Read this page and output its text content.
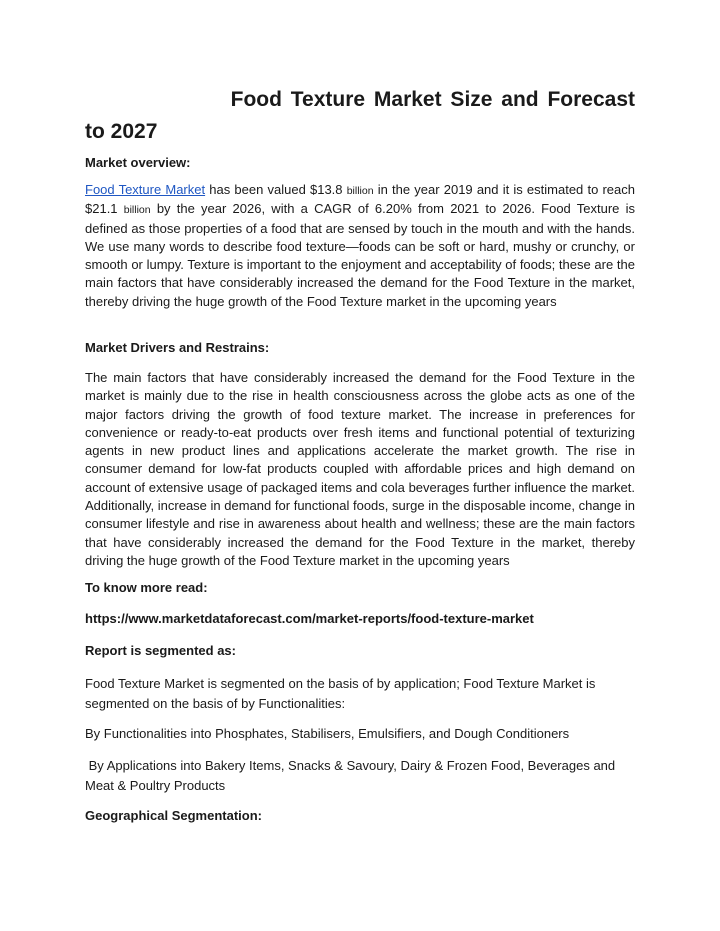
Food Texture Market Size and Forecast
to 2027
Market overview:
Food Texture Market has been valued $13.8 billion in the year 2019 and it is estimated to reach $21.1 billion by the year 2026, with a CAGR of 6.20% from 2021 to 2026. Food Texture is defined as those properties of a food that are sensed by touch in the mouth and with the hands. We use many words to describe food texture—foods can be soft or hard, mushy or crunchy, or smooth or lumpy. Texture is important to the enjoyment and acceptability of foods; these are the main factors that have considerably increased the demand for the Food Texture in the market, thereby driving the huge growth of the Food Texture market in the upcoming years
Market Drivers and Restrains:
The main factors that have considerably increased the demand for the Food Texture in the market is mainly due to the rise in health consciousness across the globe acts as one of the major factors driving the growth of food texture market. The increase in preferences for convenience or ready-to-eat products over fresh items and functional potential of texturizing agents in new product lines and applications accelerate the market growth. The rise in consumer demand for low-fat products coupled with affordable prices and high demand on account of extensive usage of packaged items and cola beverages further influence the market. Additionally, increase in demand for functional foods, surge in the disposable income, change in consumer lifestyle and rise in awareness about health and wellness; these are the main factors that have considerably increased the demand for the Food Texture in the market, thereby driving the huge growth of the Food Texture market in the upcoming years
To know more read:
https://www.marketdataforecast.com/market-reports/food-texture-market
Report is segmented as:
Food Texture Market is segmented on the basis of by application; Food Texture Market is segmented on the basis of by Functionalities:
By Functionalities into Phosphates, Stabilisers, Emulsifiers, and Dough Conditioners
By Applications into Bakery Items, Snacks & Savoury, Dairy & Frozen Food, Beverages and Meat & Poultry Products
Geographical Segmentation:
